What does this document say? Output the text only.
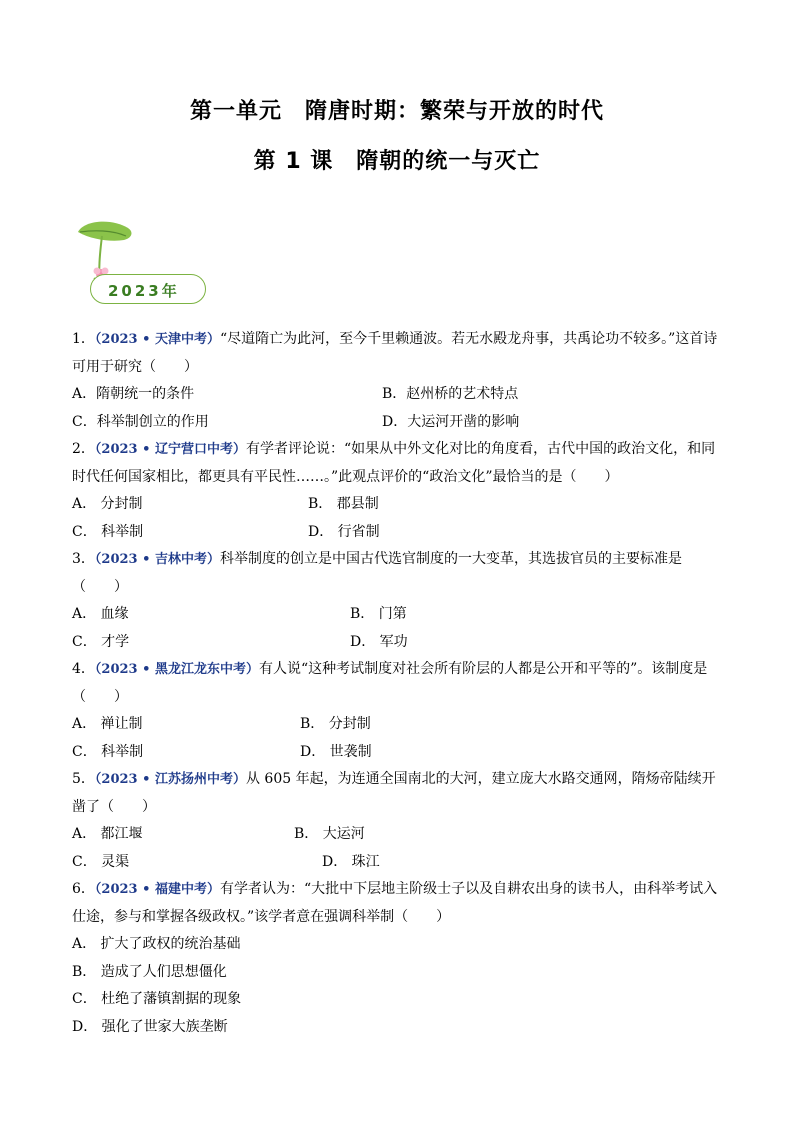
第一单元　隋唐时期：繁荣与开放的时代
第 1 课　隋朝的统一与灭亡
2023年

1．（2023 • 天津中考）“尽道隋亡为此河，至今千里赖通波。若无水殿龙舟事，共禹论功不较多。”这首诗可用于研究（　　）

A．隋朝统一的条件	B．赵州桥的艺术特点
C．科举制创立的作用	D．大运河开凿的影响

2．（2023 • 辽宁营口中考）有学者评论说：“如果从中外文化对比的角度看，古代中国的政治文化，和同时代任何国家相比，都更具有平民性……。”此观点评价的“政治文化”最恰当的是（　　）

A． 分封制	B． 郡县制
C． 科举制	D． 行省制

3．（2023 • 吉林中考）科举制度的创立是中国古代选官制度的一大变革，其选拔官员的主要标准是（　　）

A． 血缘	B． 门第
C． 才学	D． 军功

4．（2023 • 黑龙江龙东中考）有人说“这种考试制度对社会所有阶层的人都是公开和平等的”。该制度是（　　）

A． 禅让制	B． 分封制
C． 科举制	D． 世袭制

5．（2023 • 江苏扬州中考）从 605 年起，为连通全国南北的大河，建立庞大水路交通网，隋炀帝陆续开凿了（　　）

A． 都江堰	B． 大运河
C． 灵渠	D． 珠江

6．（2023 • 福建中考）有学者认为：“大批中下层地主阶级士子以及自耕农出身的读书人，由科举考试入仕途，参与和掌握各级政权。”该学者意在强调科举制（　　）

A． 扩大了政权的统治基础
B． 造成了人们思想僵化
C． 杜绝了藩镇割据的现象
D． 强化了世家大族垄断
